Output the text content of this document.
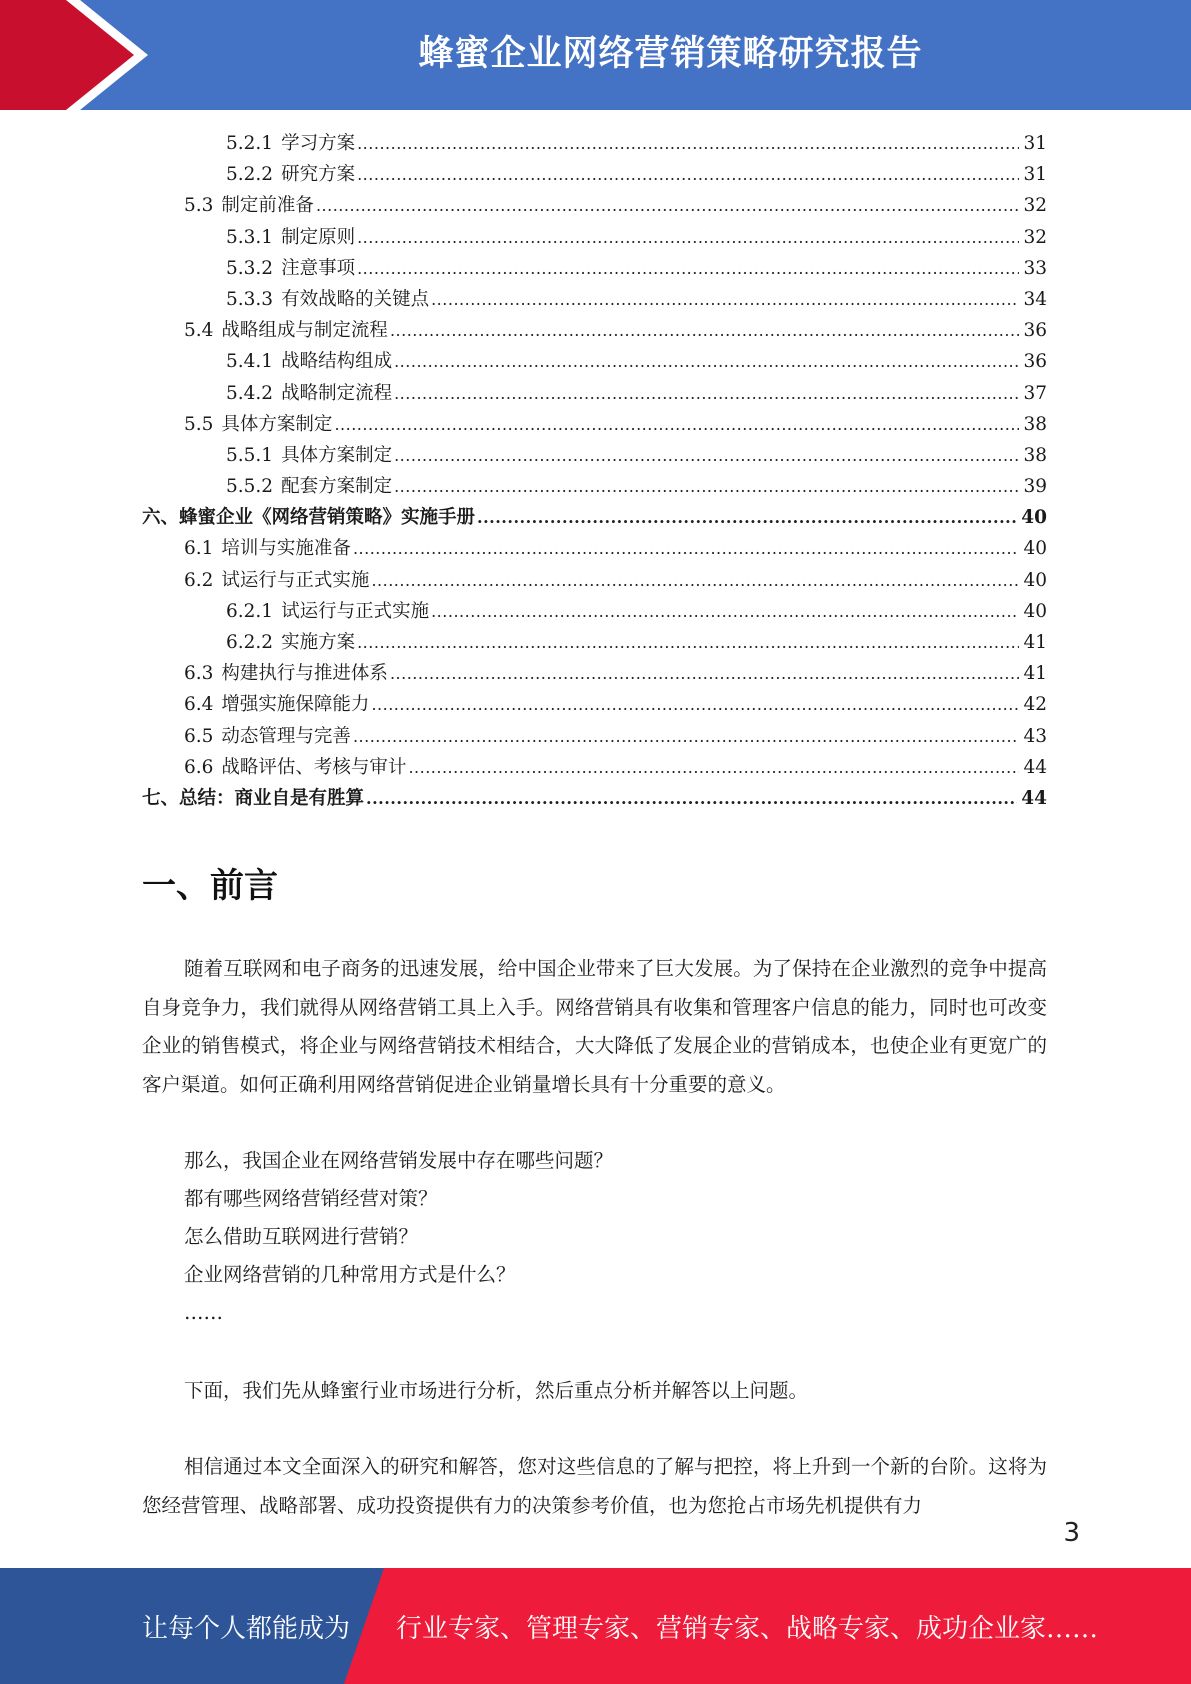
蜂蜜企业网络营销策略研究报告
5.2.1 学习方案 .....	31
5.2.2 研究方案 .....	31
5.3 制定前准备 .....	32
5.3.1 制定原则 .....	32
5.3.2 注意事项 .....	33
5.3.3 有效战略的关键点 .....	34
5.4 战略组成与制定流程 .....	36
5.4.1 战略结构组成 .....	36
5.4.2 战略制定流程 .....	37
5.5 具体方案制定 .....	38
5.5.1 具体方案制定 .....	38
5.5.2 配套方案制定 .....	39
六、蜂蜜企业《网络营销策略》实施手册 .....	40
6.1 培训与实施准备 .....	40
6.2 试运行与正式实施 .....	40
6.2.1 试运行与正式实施 .....	40
6.2.2 实施方案 .....	41
6.3 构建执行与推进体系 .....	41
6.4 增强实施保障能力 .....	42
6.5 动态管理与完善 .....	43
6.6 战略评估、考核与审计 .....	44
七、总结：商业自是有胜算 .....	44
一、前言
随着互联网和电子商务的迅速发展，给中国企业带来了巨大发展。为了保持在企业激烈的竞争中提高自身竞争力，我们就得从网络营销工具上入手。网络营销具有收集和管理客户信息的能力，同时也可改变企业的销售模式，将企业与网络营销技术相结合，大大降低了发展企业的营销成本，也使企业有更宽广的客户渠道。如何正确利用网络营销促进企业销量增长具有十分重要的意义。
那么，我国企业在网络营销发展中存在哪些问题？
都有哪些网络营销经营对策？
怎么借助互联网进行营销？
企业网络营销的几种常用方式是什么？
……
下面，我们先从蜂蜜行业市场进行分析，然后重点分析并解答以上问题。
相信通过本文全面深入的研究和解答，您对这些信息的了解与把控，将上升到一个新的台阶。这将为您经营管理、战略部署、成功投资提供有力的决策参考价值，也为您抢占市场先机提供有力
3
让每个人都能成为 行业专家、管理专家、营销专家、战略专家、成功企业家……
